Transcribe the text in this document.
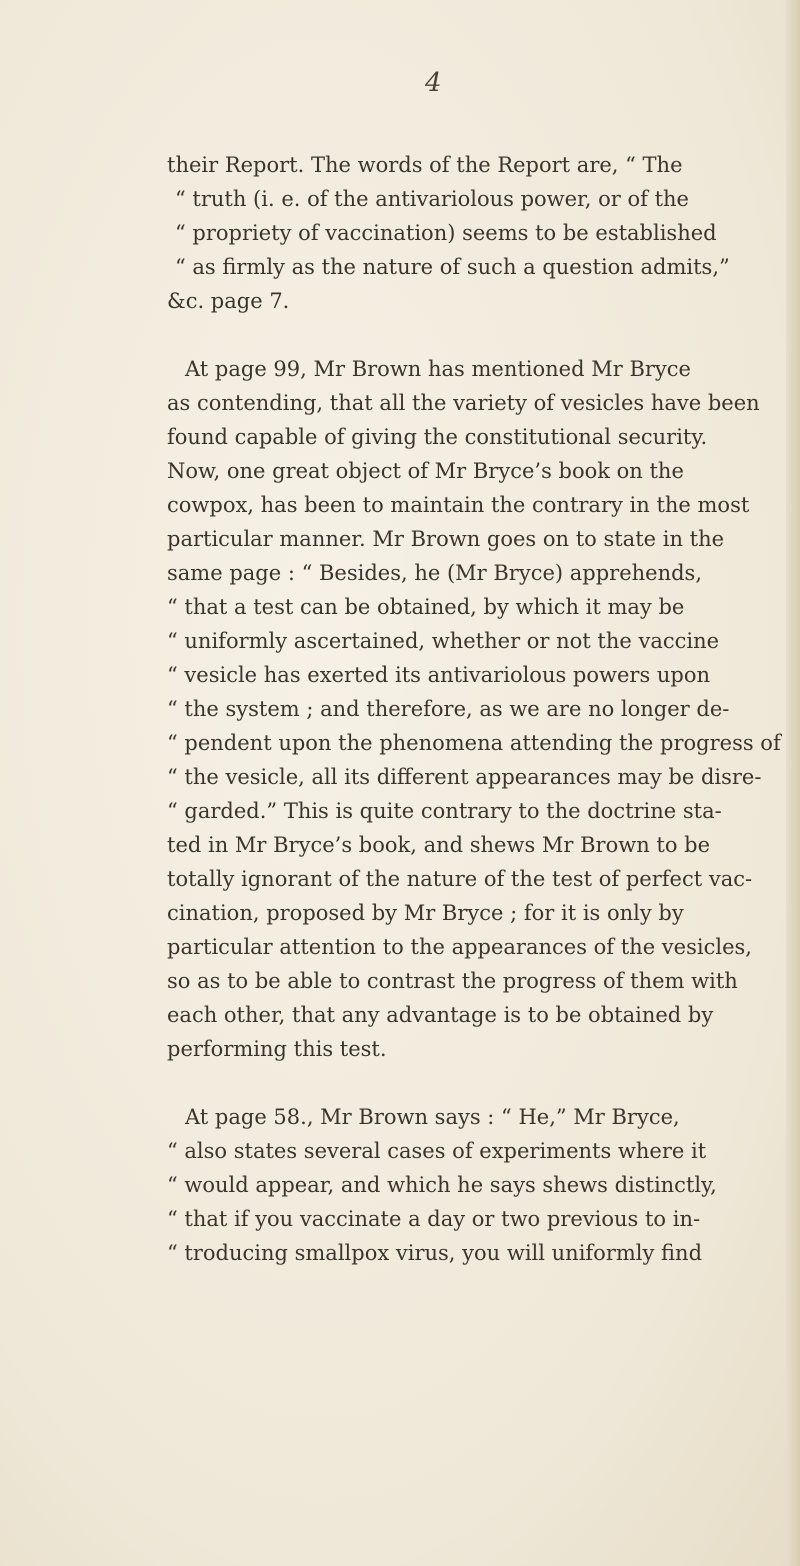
4
their Report. The words of the Report are, “ The
“ truth (i. e. of the antivariolous power, or of the
“ propriety of vaccination) seems to be established
“ as firmly as the nature of such a question admits,”
&c. page 7.
At page 99, Mr Brown has mentioned Mr Bryce
as contending, that all the variety of vesicles have been
found capable of giving the constitutional security.
Now, one great object of Mr Bryce’s book on the
cowpox, has been to maintain the contrary in the most
particular manner. Mr Brown goes on to state in the
same page : “ Besides, he (Mr Bryce) apprehends,
“ that a test can be obtained, by which it may be
“ uniformly ascertained, whether or not the vaccine
“ vesicle has exerted its antivariolous powers upon
“ the system ; and therefore, as we are no longer de-
“ pendent upon the phenomena attending the progress of
“ the vesicle, all its different appearances may be disre-
“ garded.” This is quite contrary to the doctrine sta-
ted in Mr Bryce’s book, and shews Mr Brown to be
totally ignorant of the nature of the test of perfect vac-
cination, proposed by Mr Bryce ; for it is only by
particular attention to the appearances of the vesicles,
so as to be able to contrast the progress of them with
each other, that any advantage is to be obtained by
performing this test.
At page 58., Mr Brown says : “ He,” Mr Bryce,
“ also states several cases of experiments where it
“ would appear, and which he says shews distinctly,
“ that if you vaccinate a day or two previous to in-
“ troducing smallpox virus, you will uniformly find
